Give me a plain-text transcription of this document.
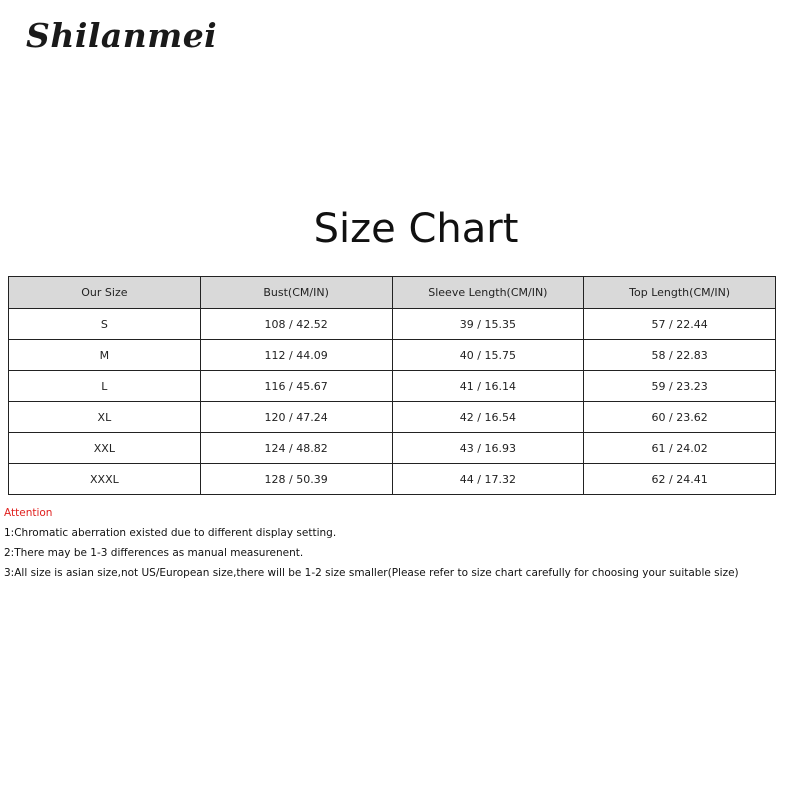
Shilanmei
Size Chart
Our Size	Bust(CM/IN)	Sleeve Length(CM/IN)	Top Length(CM/IN)
S	108 / 42.52	39 / 15.35	57 / 22.44
M	112 / 44.09	40 / 15.75	58 / 22.83
L	116 / 45.67	41 / 16.14	59 / 23.23
XL	120 / 47.24	42 / 16.54	60 / 23.62
XXL	124 / 48.82	43 / 16.93	61 / 24.02
XXXL	128 / 50.39	44 / 17.32	62 / 24.41
Attention
1:Chromatic aberration existed due to different display setting.
2:There may be 1-3 differences as manual measurenent.
3:All size is asian size,not US/European size,there will be 1-2 size smaller(Please refer to size chart carefully for choosing your suitable size)
